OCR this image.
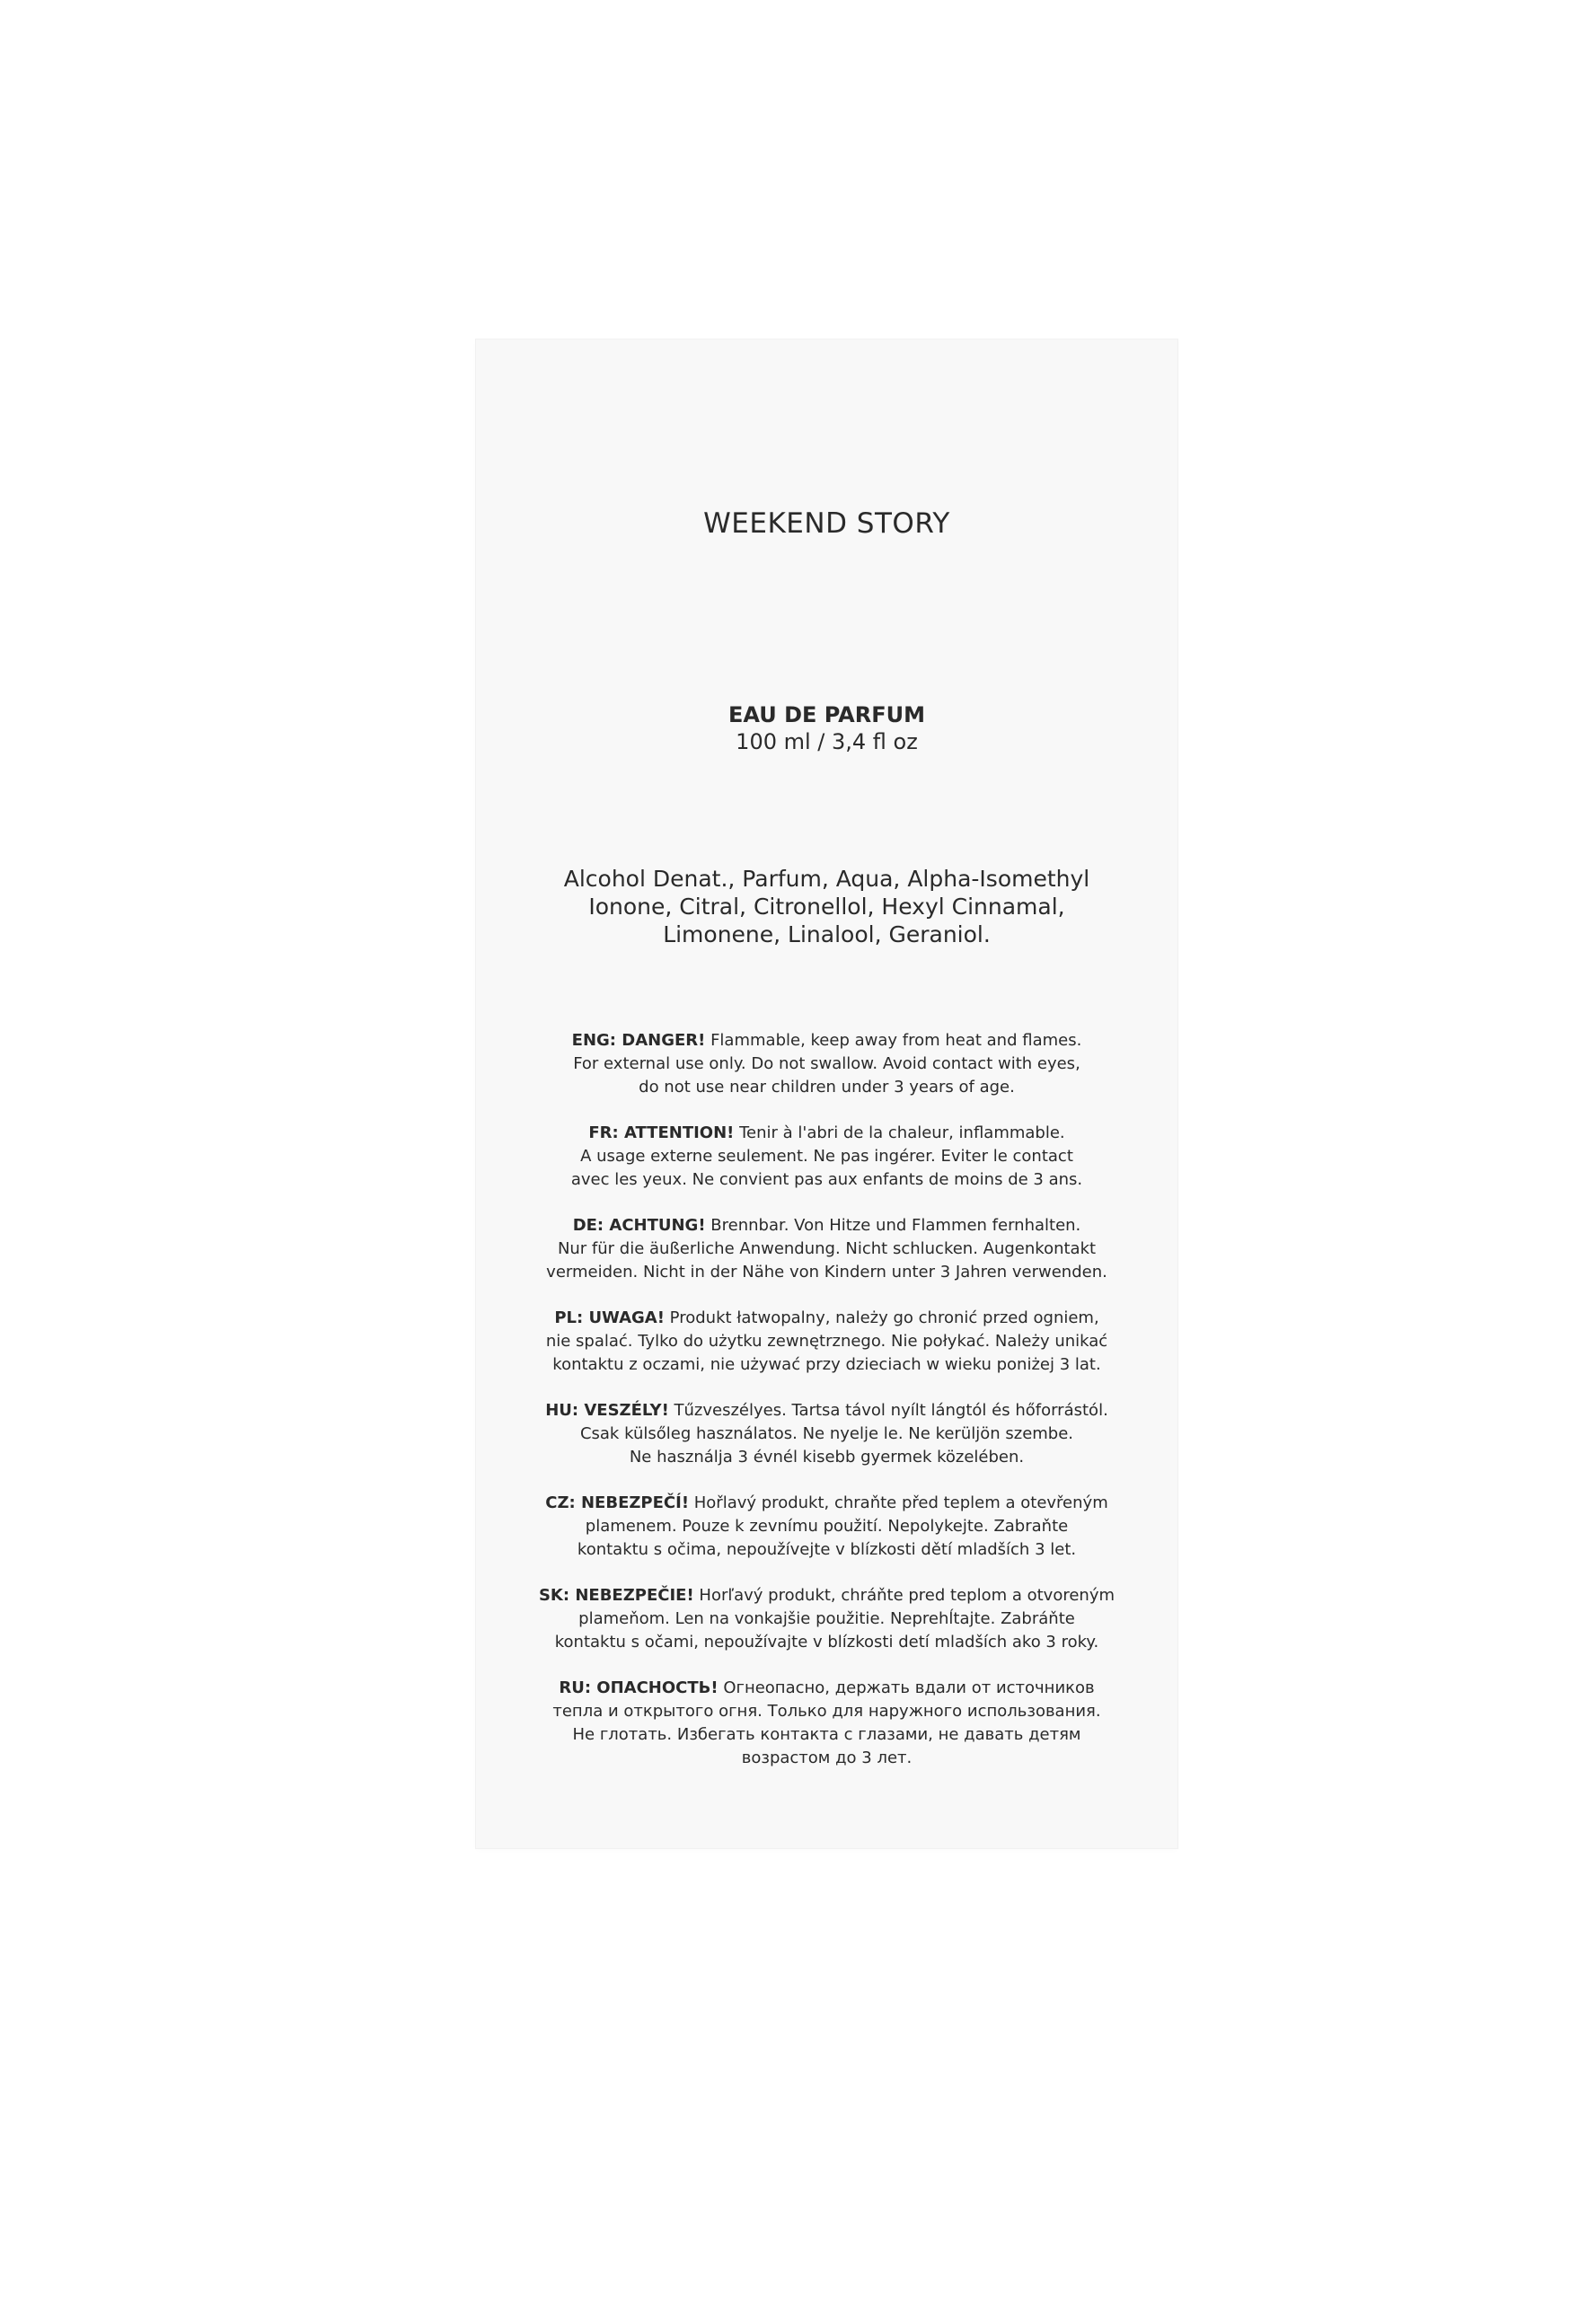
WEEKEND STORY
EAU DE PARFUM
100 ml / 3,4 fl oz
Alcohol Denat., Parfum, Aqua, Alpha-Isomethyl
Ionone, Citral, Citronellol, Hexyl Cinnamal,
Limonene, Linalool, Geraniol.
ENG: DANGER! Flammable, keep away from heat and flames.
For external use only. Do not swallow. Avoid contact with eyes,
do not use near children under 3 years of age.
FR: ATTENTION! Tenir à l'abri de la chaleur, inflammable.
A usage externe seulement. Ne pas ingérer. Eviter le contact
avec les yeux. Ne convient pas aux enfants de moins de 3 ans.
DE: ACHTUNG! Brennbar. Von Hitze und Flammen fernhalten.
Nur für die äußerliche Anwendung. Nicht schlucken. Augenkontakt
vermeiden. Nicht in der Nähe von Kindern unter 3 Jahren verwenden.
PL: UWAGA! Produkt łatwopalny, należy go chronić przed ogniem,
nie spalać. Tylko do użytku zewnętrznego. Nie połykać. Należy unikać
kontaktu z oczami, nie używać przy dzieciach w wieku poniżej 3 lat.
HU: VESZÉLY! Tűzveszélyes. Tartsa távol nyílt lángtól és hőforrástól.
Csak külsőleg használatos. Ne nyelje le. Ne kerüljön szembe.
Ne használja 3 évnél kisebb gyermek közelében.
CZ: NEBEZPEČÍ! Hořlavý produkt, chraňte před teplem a otevřeným
plamenem. Pouze k zevnímu použití. Nepolykejte. Zabraňte
kontaktu s očima, nepoužívejte v blízkosti dětí mladších 3 let.
SK: NEBEZPEČIE! Horľavý produkt, chráňte pred teplom a otvoreným
plameňom. Len na vonkajšie použitie. Neprehĺtajte. Zabráňte
kontaktu s očami, nepoužívajte v blízkosti detí mladších ako 3 roky.
RU: ОПАСНОСТЬ! Огнеопасно, держать вдали от источников
тепла и открытого огня. Только для наружного использования.
Не глотать. Избегать контакта с глазами, не давать детям
возрастом до 3 лет.
